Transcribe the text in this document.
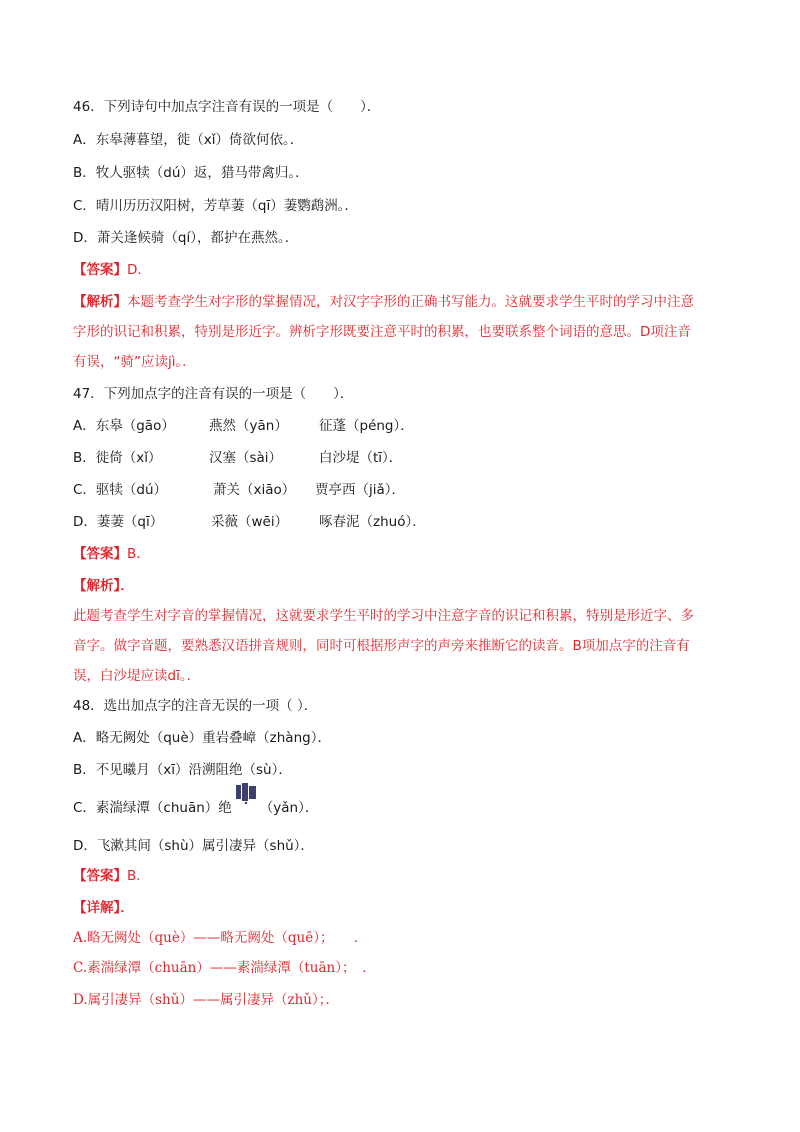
46．下列诗句中加点字注音有误的一项是（　　）．
A．东皋薄暮望，徙（xǐ）倚欲何依。．
B．牧人驱犊（dú）返，猎马带禽归。．
C．晴川历历汉阳树，芳草萋（qī）萋鹦鹉洲。．
D．萧关逢候骑（qí），都护在燕然。．
【答案】D．
【解析】本题考查学生对字形的掌握情况，对汉字字形的正确书写能力。这就要求学生平时的学习中注意
字形的识记和积累，特别是形近字。辨析字形既要注意平时的积累，也要联系整个词语的意思。D项注音
有误，“骑”应读jì。．
47．下列加点字的注音有误的一项是（　　）．
A．东皋（gāo）	燕然（yān） 征蓬（péng）．
B．徙倚（xǐ）	汉塞（sài）	白沙堤（tī）．
C．驱犊（dú）	萧关（xiāo） 贾亭西（jiǎ）．
D．萋萋（qī）	采薇（wēi） 啄春泥（zhuó）．
【答案】B．
【解析】．
此题考查学生对字音的掌握情况，这就要求学生平时的学习中注意字音的识记和积累，特别是形近字、多
音字。做字音题，要熟悉汉语拼音规则，同时可根据形声字的声旁来推断它的读音。B项加点字的注音有
误，白沙堤应读dī。．
48．选出加点字的注音无误的一项（ ）．
A．略无阙处（què）重岩叠嶂（zhàng）．
B．不见曦月（xī）沿溯阻绝（sù）．
C．素湍绿潭（chuān）绝 （yǎn）．
D．飞漱其间（shù）属引凄异（shǔ）．
【答案】B．
【详解】．
A.略无阙处（què）——略无阙处（quē）；　　．
C.素湍绿潭（chuān）——素湍绿潭（tuān）；　．
D.属引凄异（shǔ）——属引凄异（zhǔ）；．
